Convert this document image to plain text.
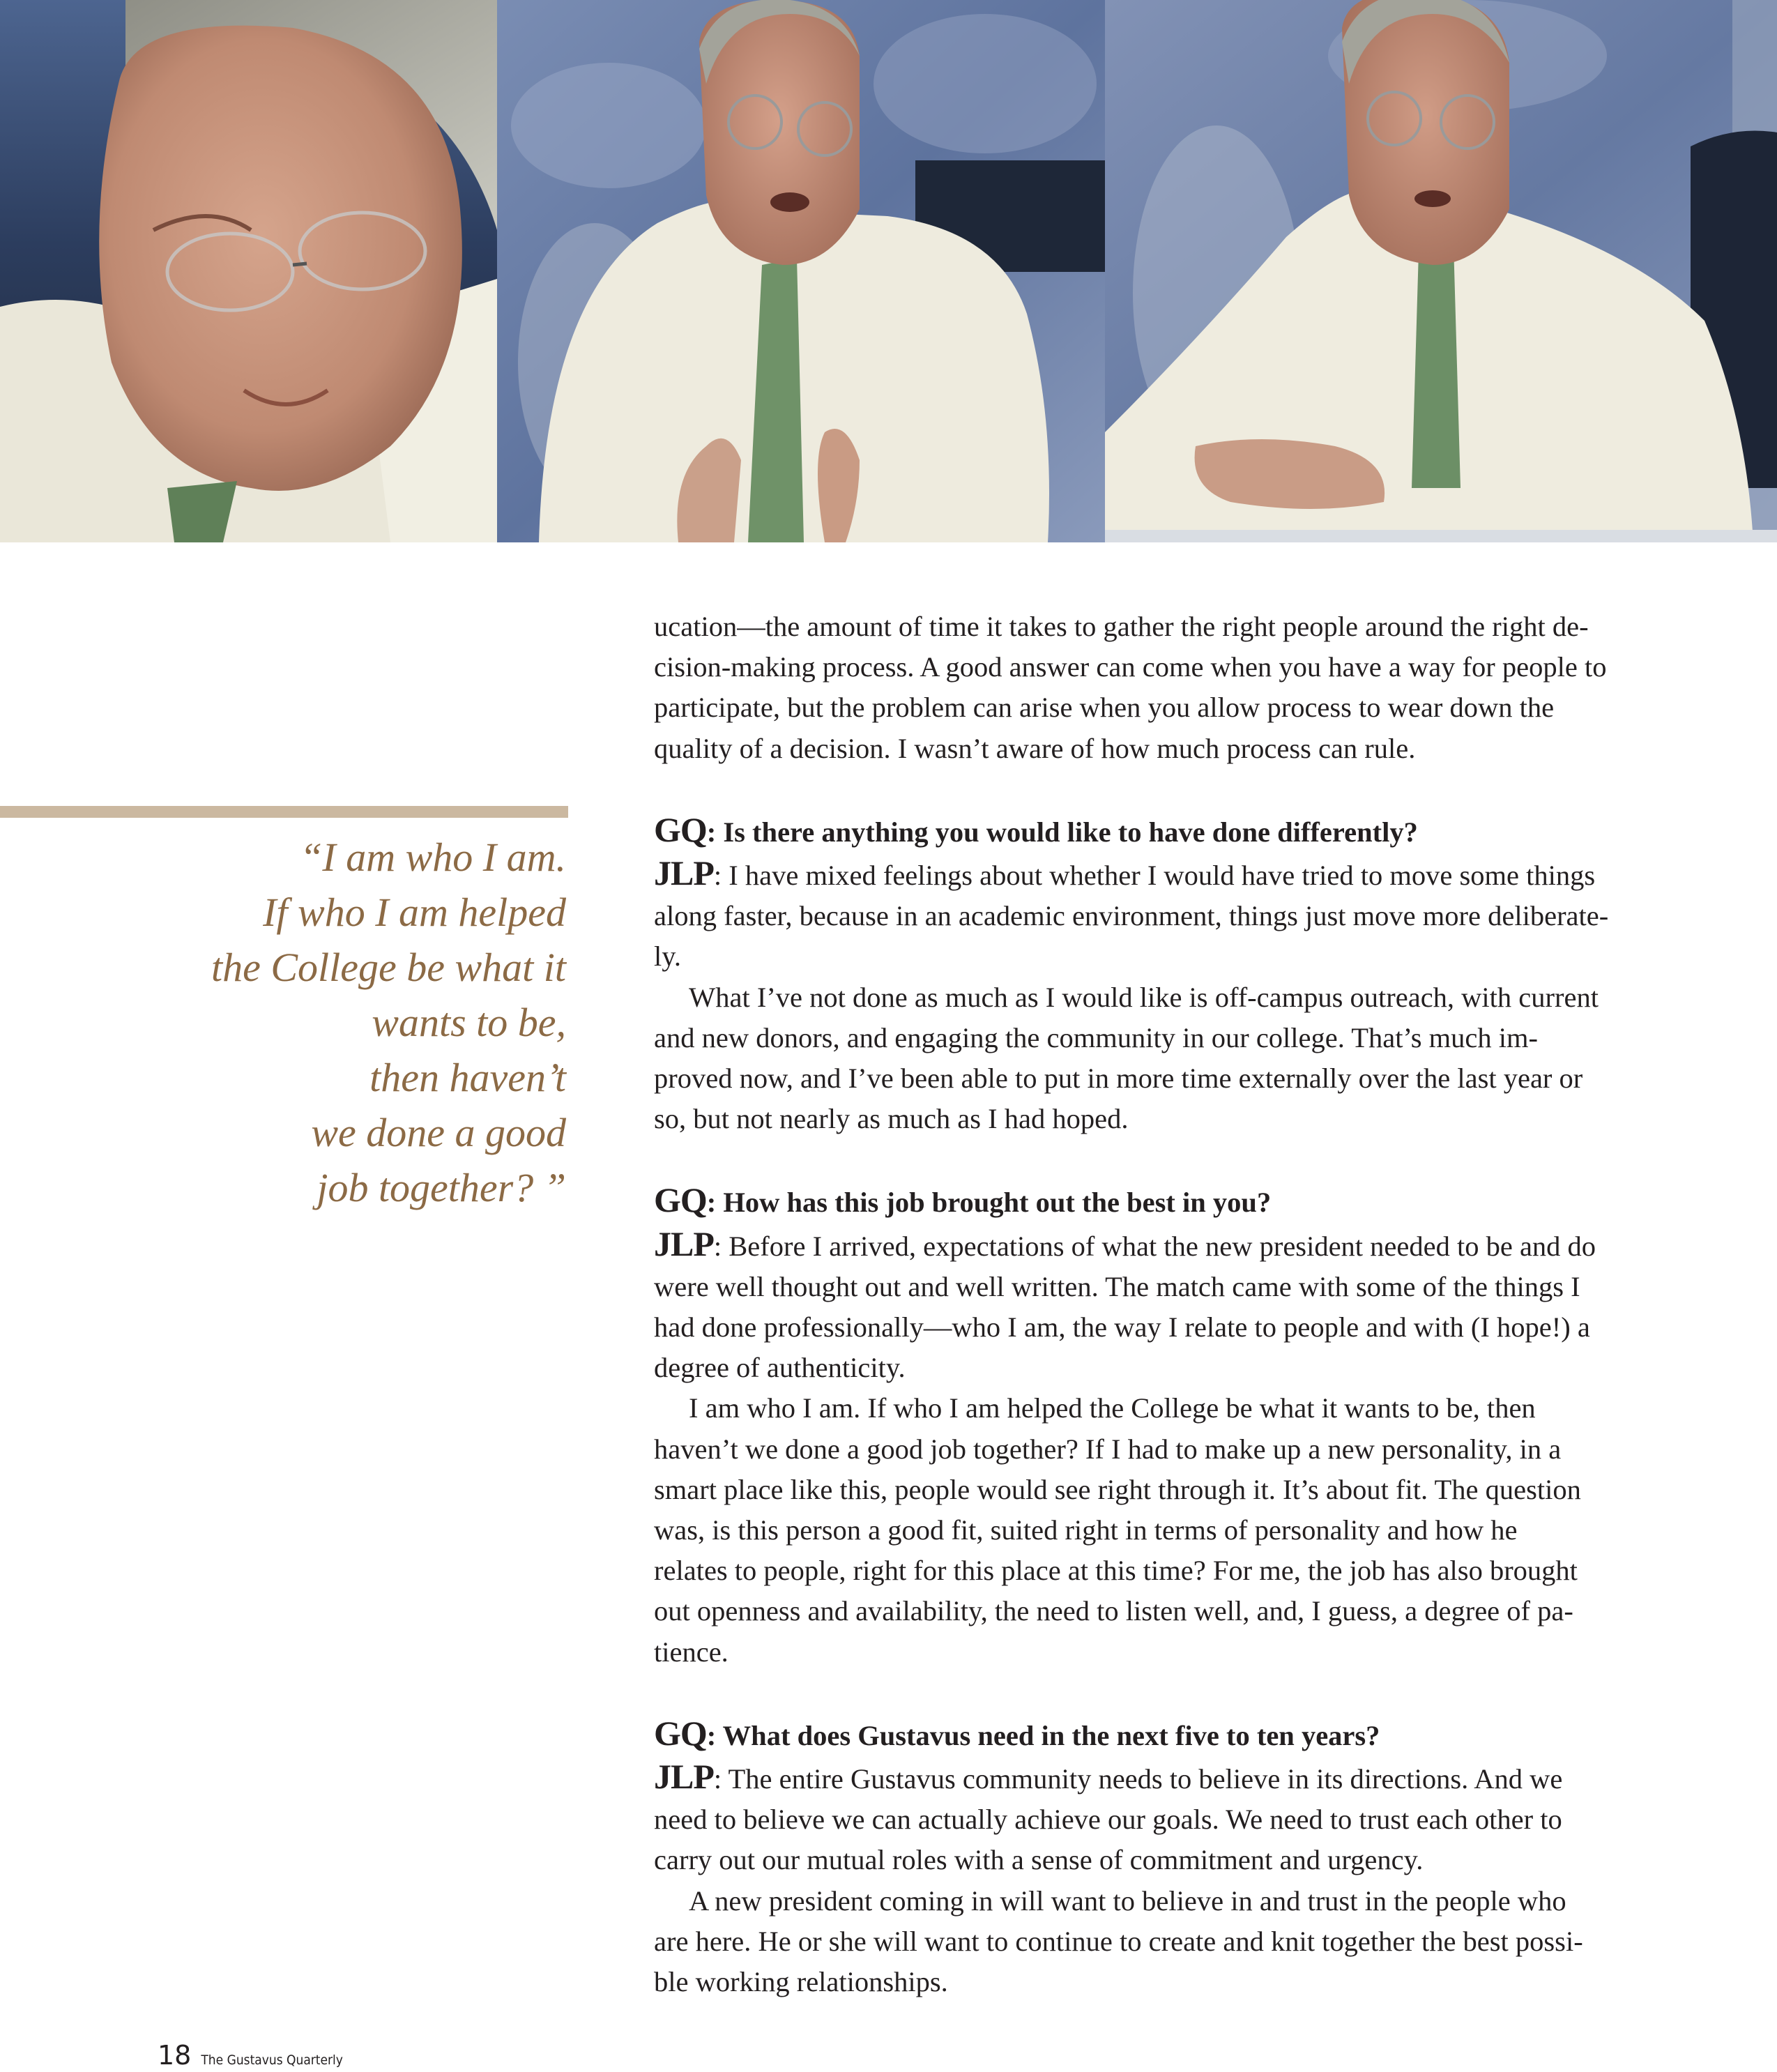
“I am who I am.
If who I am helped
the College be what it
wants to be,
then haven’t
we done a good
job together? ”

ucation—the amount of time it takes to gather the right people around the right de-
cision-making process. A good answer can come when you have a way for people to
participate, but the problem can arise when you allow process to wear down the
quality of a decision. I wasn’t aware of how much process can rule.

GQ: Is there anything you would like to have done differently?

JLP: I have mixed feelings about whether I would have tried to move some things
along faster, because in an academic environment, things just move more deliberate-
ly.

What I’ve not done as much as I would like is off-campus outreach, with current
and new donors, and engaging the community in our college. That’s much im-
proved now, and I’ve been able to put in more time externally over the last year or
so, but not nearly as much as I had hoped.

GQ: How has this job brought out the best in you?

JLP: Before I arrived, expectations of what the new president needed to be and do
were well thought out and well written. The match came with some of the things I
had done professionally—who I am, the way I relate to people and with (I hope!) a
degree of authenticity.

I am who I am. If who I am helped the College be what it wants to be, then
haven’t we done a good job together? If I had to make up a new personality, in a
smart place like this, people would see right through it. It’s about fit. The question
was, is this person a good fit, suited right in terms of personality and how he
relates to people, right for this place at this time? For me, the job has also brought
out openness and availability, the need to listen well, and, I guess, a degree of pa-
tience.

GQ: What does Gustavus need in the next five to ten years?

JLP: The entire Gustavus community needs to believe in its directions. And we
need to believe we can actually achieve our goals. We need to trust each other to
carry out our mutual roles with a sense of commitment and urgency.

A new president coming in will want to believe in and trust in the people who
are here. He or she will want to continue to create and knit together the best possi-
ble working relationships.

18 The Gustavus Quarterly
